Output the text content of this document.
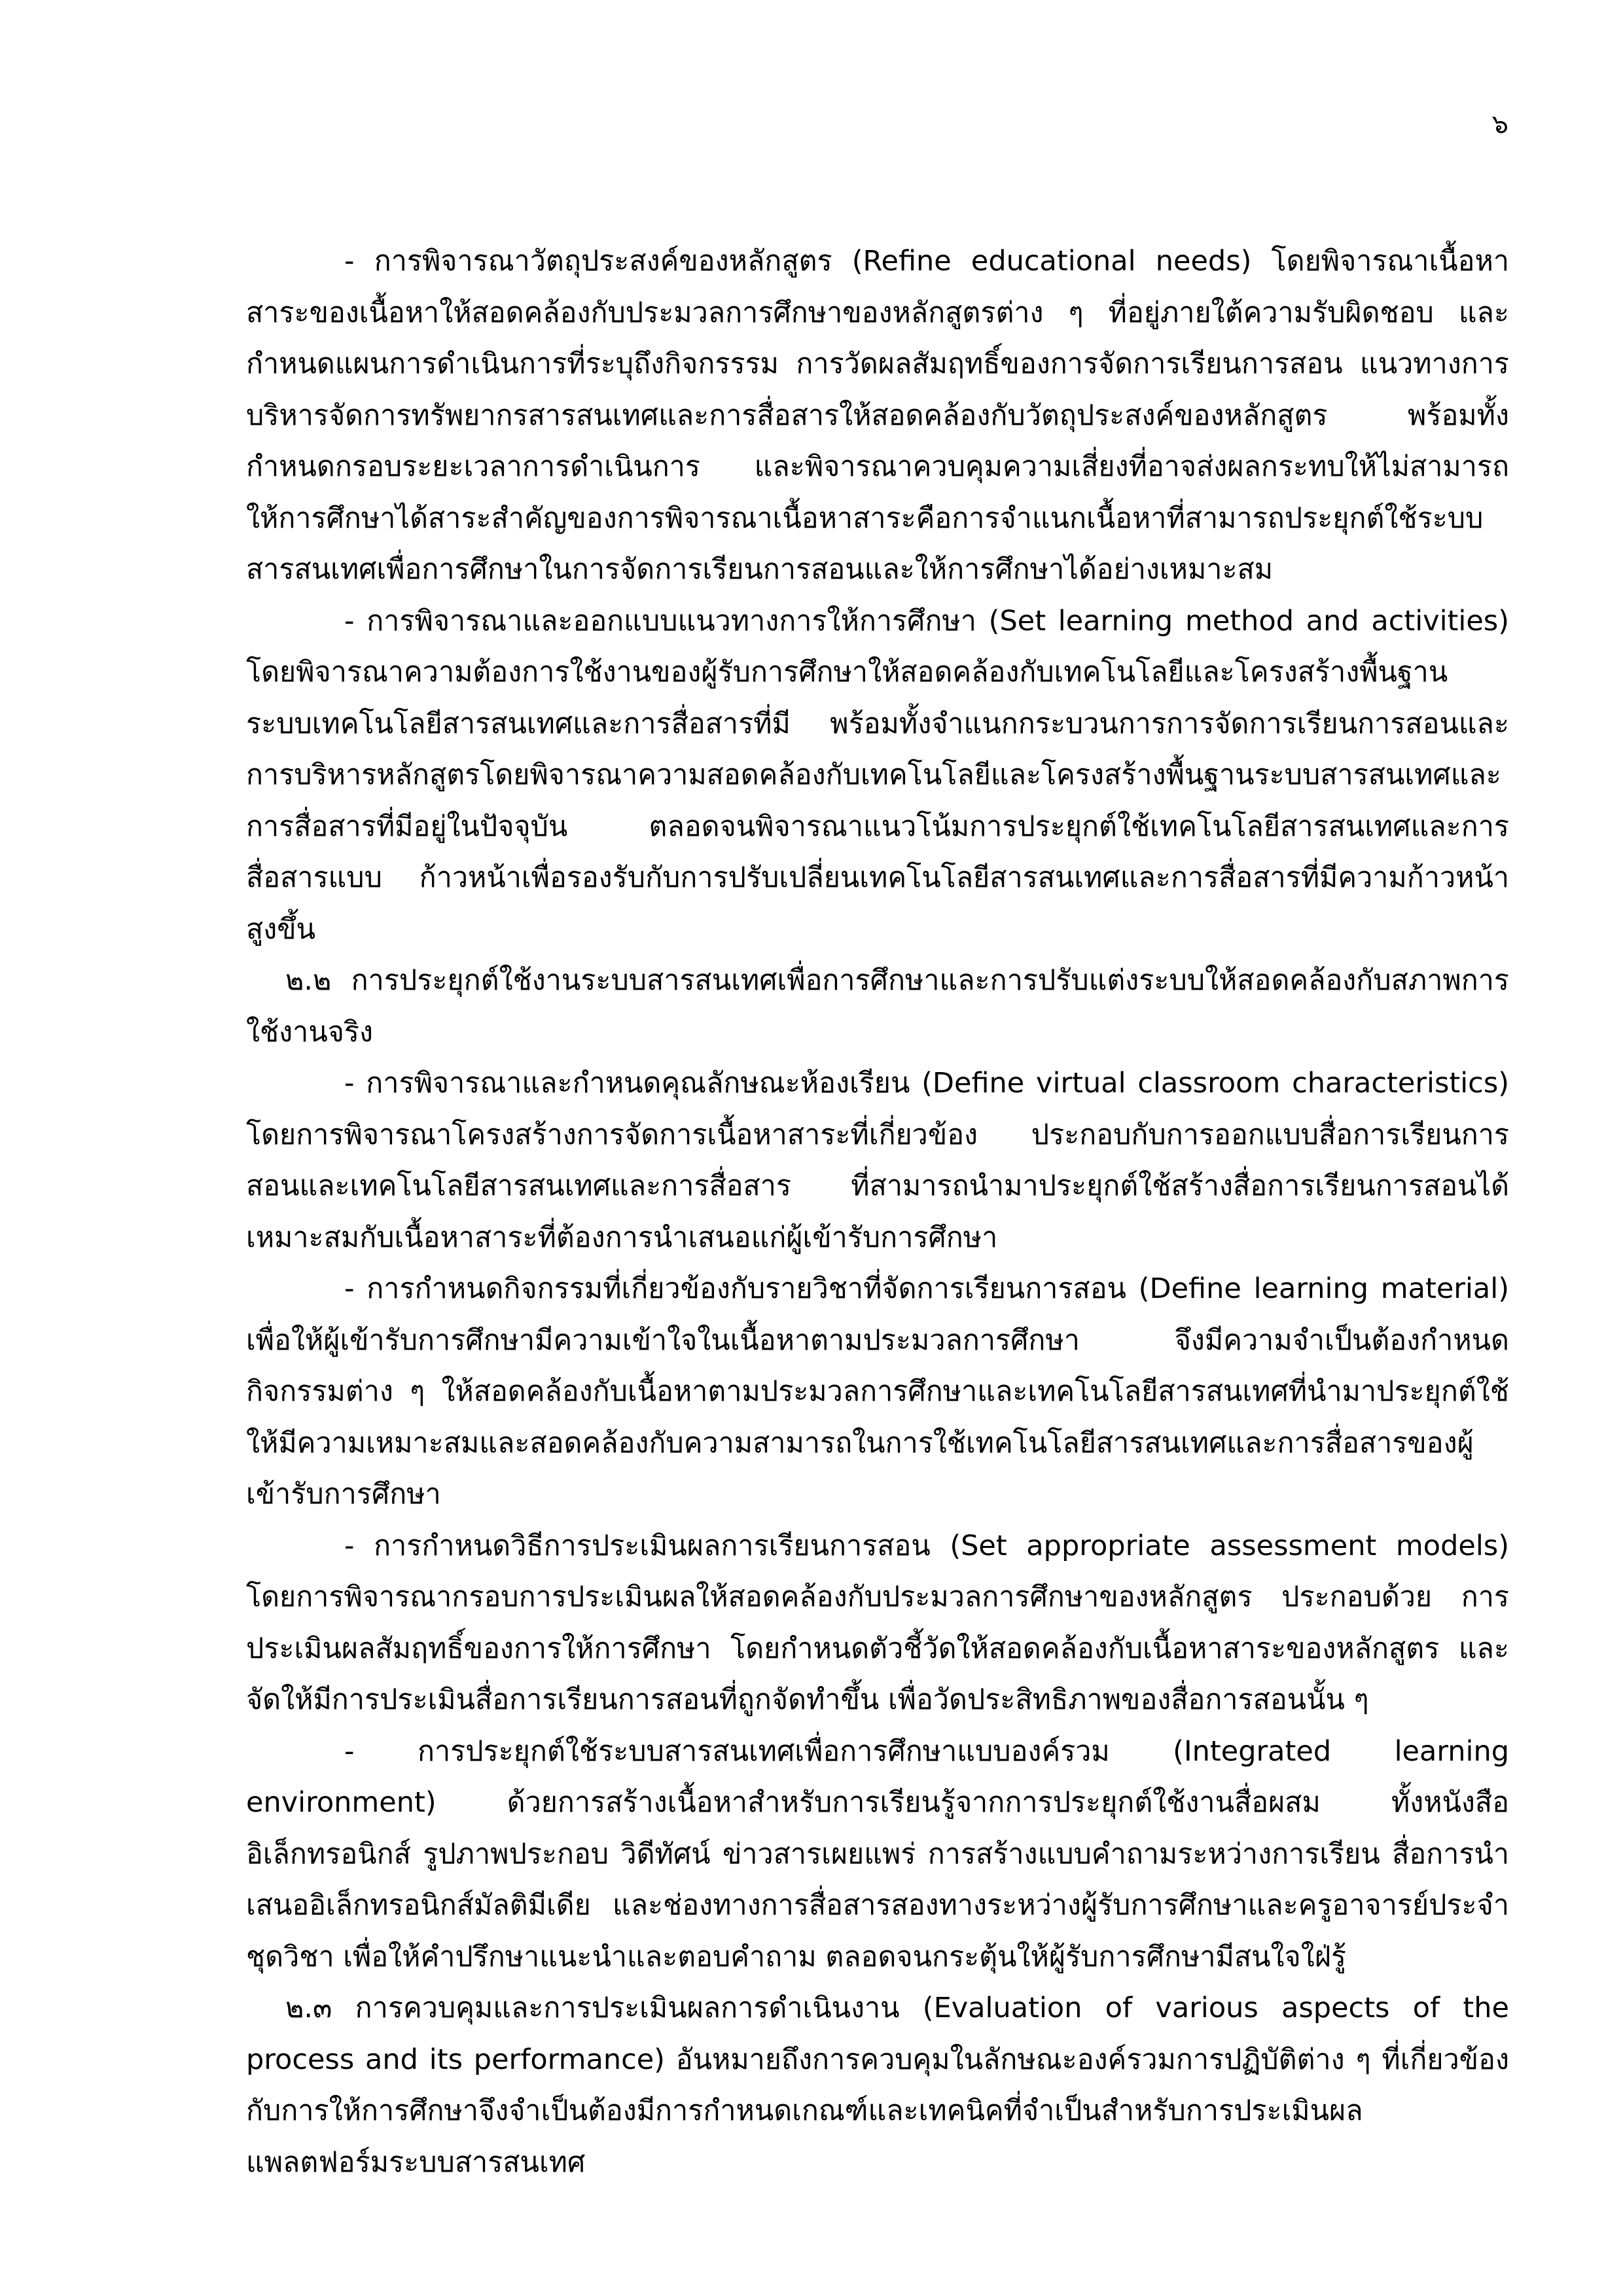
๖

- การพิจารณาวัตถุประสงค์ของหลักสูตร (Refine educational needs) โดยพิจารณาเนื้อหาสาระของเนื้อหาให้สอดคล้องกับประมวลการศึกษาของหลักสูตรต่าง ๆ ที่อยู่ภายใต้ความรับผิดชอบ และกำหนดแผนการดำเนินการที่ระบุถึงกิจกรรรม การวัดผลสัมฤทธิ์ของการจัดการเรียนการสอน แนวทางการบริหารจัดการทรัพยากรสารสนเทศและการสื่อสารให้สอดคล้องกับวัตถุประสงค์ของหลักสูตร พร้อมทั้งกำหนดกรอบระยะเวลาการดำเนินการ และพิจารณาควบคุมความเสี่ยงที่อาจส่งผลกระทบให้ไม่สามารถให้การศึกษาได้สาระสำคัญของการพิจารณาเนื้อหาสาระคือการจำแนกเนื้อหาที่สามารถประยุกต์ใช้ระบบสารสนเทศเพื่อการศึกษาในการจัดการเรียนการสอนและให้การศึกษาได้อย่างเหมาะสม

- การพิจารณาและออกแบบแนวทางการให้การศึกษา (Set learning method and activities) โดยพิจารณาความต้องการใช้งานของผู้รับการศึกษาให้สอดคล้องกับเทคโนโลยีและโครงสร้างพื้นฐานระบบเทคโนโลยีสารสนเทศและการสื่อสารที่มี พร้อมทั้งจำแนกกระบวนการการจัดการเรียนการสอนและการบริหารหลักสูตรโดยพิจารณาความสอดคล้องกับเทคโนโลยีและโครงสร้างพื้นฐานระบบสารสนเทศและการสื่อสารที่มีอยู่ในปัจจุบัน ตลอดจนพิจารณาแนวโน้มการประยุกต์ใช้เทคโนโลยีสารสนเทศและการสื่อสารแบบ ก้าวหน้าเพื่อรองรับกับการปรับเปลี่ยนเทคโนโลยีสารสนเทศและการสื่อสารที่มีความก้าวหน้าสูงขึ้น

๒.๒ การประยุกต์ใช้งานระบบสารสนเทศเพื่อการศึกษาและการปรับแต่งระบบให้สอดคล้องกับสภาพการใช้งานจริง

- การพิจารณาและกำหนดคุณลักษณะห้องเรียน (Define virtual classroom characteristics) โดยการพิจารณาโครงสร้างการจัดการเนื้อหาสาระที่เกี่ยวข้อง ประกอบกับการออกแบบสื่อการเรียนการสอนและเทคโนโลยีสารสนเทศและการสื่อสาร ที่สามารถนำมาประยุกต์ใช้สร้างสื่อการเรียนการสอนได้เหมาะสมกับเนื้อหาสาระที่ต้องการนำเสนอแก่ผู้เข้ารับการศึกษา

- การกำหนดกิจกรรมที่เกี่ยวข้องกับรายวิชาที่จัดการเรียนการสอน (Define learning material) เพื่อให้ผู้เข้ารับการศึกษามีความเข้าใจในเนื้อหาตามประมวลการศึกษา จึงมีความจำเป็นต้องกำหนดกิจกรรมต่าง ๆ ให้สอดคล้องกับเนื้อหาตามประมวลการศึกษาและเทคโนโลยีสารสนเทศที่นำมาประยุกต์ใช้ ให้มีความเหมาะสมและสอดคล้องกับความสามารถในการใช้เทคโนโลยีสารสนเทศและการสื่อสารของผู้เข้ารับการศึกษา

- การกำหนดวิธีการประเมินผลการเรียนการสอน (Set appropriate assessment models) โดยการพิจารณากรอบการประเมินผลให้สอดคล้องกับประมวลการศึกษาของหลักสูตร ประกอบด้วย การประเมินผลสัมฤทธิ์ของการให้การศึกษา โดยกำหนดตัวชี้วัดให้สอดคล้องกับเนื้อหาสาระของหลักสูตร และจัดให้มีการประเมินสื่อการเรียนการสอนที่ถูกจัดทำขึ้น เพื่อวัดประสิทธิภาพของสื่อการสอนนั้น ๆ

- การประยุกต์ใช้ระบบสารสนเทศเพื่อการศึกษาแบบองค์รวม (Integrated learning environment) ด้วยการสร้างเนื้อหาสำหรับการเรียนรู้จากการประยุกต์ใช้งานสื่อผสม ทั้งหนังสืออิเล็กทรอนิกส์ รูปภาพประกอบ วิดีทัศน์ ข่าวสารเผยแพร่ การสร้างแบบคำถามระหว่างการเรียน สื่อการนำเสนออิเล็กทรอนิกส์มัลติมีเดีย และช่องทางการสื่อสารสองทางระหว่างผู้รับการศึกษาและครูอาจารย์ประจำชุดวิชา เพื่อให้คำปรึกษาแนะนำและตอบคำถาม ตลอดจนกระตุ้นให้ผู้รับการศึกษามีสนใจใฝ่รู้

๒.๓ การควบคุมและการประเมินผลการดำเนินงาน (Evaluation of various aspects of the process and its performance) อันหมายถึงการควบคุมในลักษณะองค์รวมการปฏิบัติต่าง ๆ ที่เกี่ยวข้องกับการให้การศึกษาจึงจำเป็นต้องมีการกำหนดเกณฑ์และเทคนิคที่จำเป็นสำหรับการประเมินผล แพลตฟอร์มระบบสารสนเทศ
